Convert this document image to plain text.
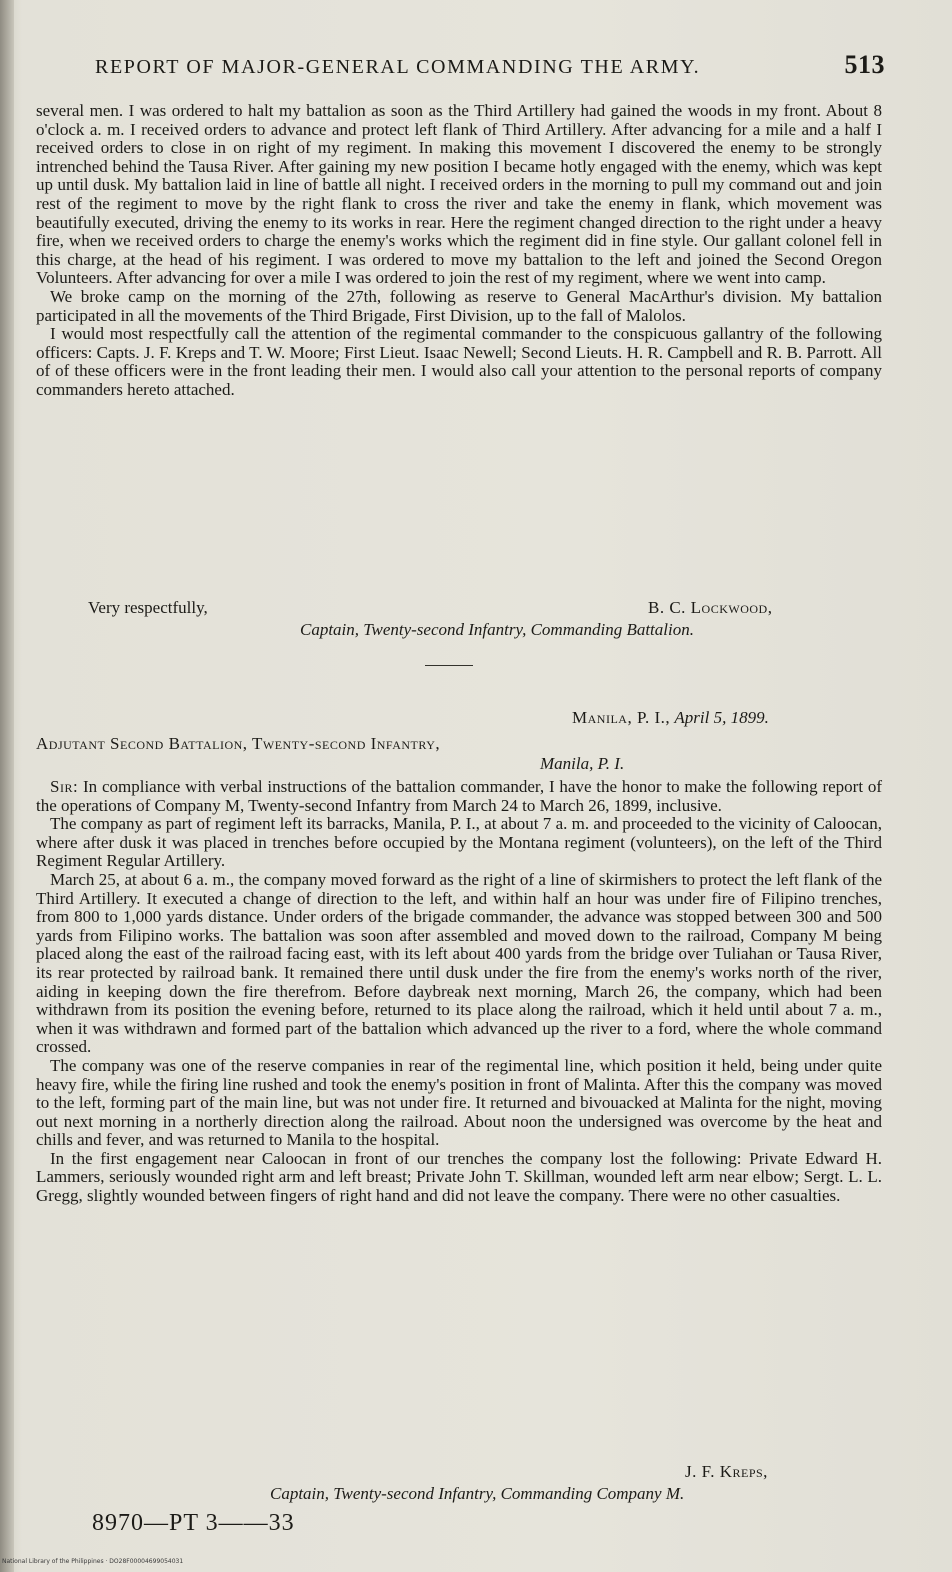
REPORT OF MAJOR-GENERAL COMMANDING THE ARMY.	513

several men. I was ordered to halt my battalion as soon as the Third Artillery had gained the woods in my front. About 8 o'clock a. m. I received orders to advance and protect left flank of Third Artillery. After advancing for a mile and a half I received orders to close in on right of my regiment. In making this movement I discovered the enemy to be strongly intrenched behind the Tausa River. After gaining my new position I became hotly engaged with the enemy, which was kept up until dusk. My battalion laid in line of battle all night. I received orders in the morning to pull my command out and join rest of the regiment to move by the right flank to cross the river and take the enemy in flank, which movement was beautifully executed, driving the enemy to its works in rear. Here the regiment changed direction to the right under a heavy fire, when we received orders to charge the enemy's works which the regiment did in fine style. Our gallant colonel fell in this charge, at the head of his regiment. I was ordered to move my battalion to the left and joined the Second Oregon Volunteers. After advancing for over a mile I was ordered to join the rest of my regiment, where we went into camp.

We broke camp on the morning of the 27th, following as reserve to General MacArthur's division. My battalion participated in all the movements of the Third Brigade, First Division, up to the fall of Malolos.

I would most respectfully call the attention of the regimental commander to the conspicuous gallantry of the following officers: Capts. J. F. Kreps and T. W. Moore; First Lieut. Isaac Newell; Second Lieuts. H. R. Campbell and R. B. Parrott. All of of these officers were in the front leading their men. I would also call your attention to the personal reports of company commanders hereto attached.

Very respectfully,	B. C. Lockwood,
Captain, Twenty-second Infantry, Commanding Battalion.
Manila, P. I., April 5, 1899.
Adjutant Second Battalion, Twenty-second Infantry,
Manila, P. I.

Sir: In compliance with verbal instructions of the battalion commander, I have the honor to make the following report of the operations of Company M, Twenty-second Infantry from March 24 to March 26, 1899, inclusive.

The company as part of regiment left its barracks, Manila, P. I., at about 7 a. m. and proceeded to the vicinity of Caloocan, where after dusk it was placed in trenches before occupied by the Montana regiment (volunteers), on the left of the Third Regiment Regular Artillery.

March 25, at about 6 a. m., the company moved forward as the right of a line of skirmishers to protect the left flank of the Third Artillery. It executed a change of direction to the left, and within half an hour was under fire of Filipino trenches, from 800 to 1,000 yards distance. Under orders of the brigade commander, the advance was stopped between 300 and 500 yards from Filipino works. The battalion was soon after assembled and moved down to the railroad, Company M being placed along the east of the railroad facing east, with its left about 400 yards from the bridge over Tuliahan or Tausa River, its rear protected by railroad bank. It remained there until dusk under the fire from the enemy's works north of the river, aiding in keeping down the fire therefrom. Before daybreak next morning, March 26, the company, which had been withdrawn from its position the evening before, returned to its place along the railroad, which it held until about 7 a. m., when it was withdrawn and formed part of the battalion which advanced up the river to a ford, where the whole command crossed.

The company was one of the reserve companies in rear of the regimental line, which position it held, being under quite heavy fire, while the firing line rushed and took the enemy's position in front of Malinta. After this the company was moved to the left, forming part of the main line, but was not under fire. It returned and bivouacked at Malinta for the night, moving out next morning in a northerly direction along the railroad. About noon the undersigned was overcome by the heat and chills and fever, and was returned to Manila to the hospital.

In the first engagement near Caloocan in front of our trenches the company lost the following: Private Edward H. Lammers, seriously wounded right arm and left breast; Private John T. Skillman, wounded left arm near elbow; Sergt. L. L. Gregg, slightly wounded between fingers of right hand and did not leave the company. There were no other casualties.

J. F. Kreps,
Captain, Twenty-second Infantry, Commanding Company M.
8970—PT 3——33
National Library of the Philippines · DO28F00004699054031
